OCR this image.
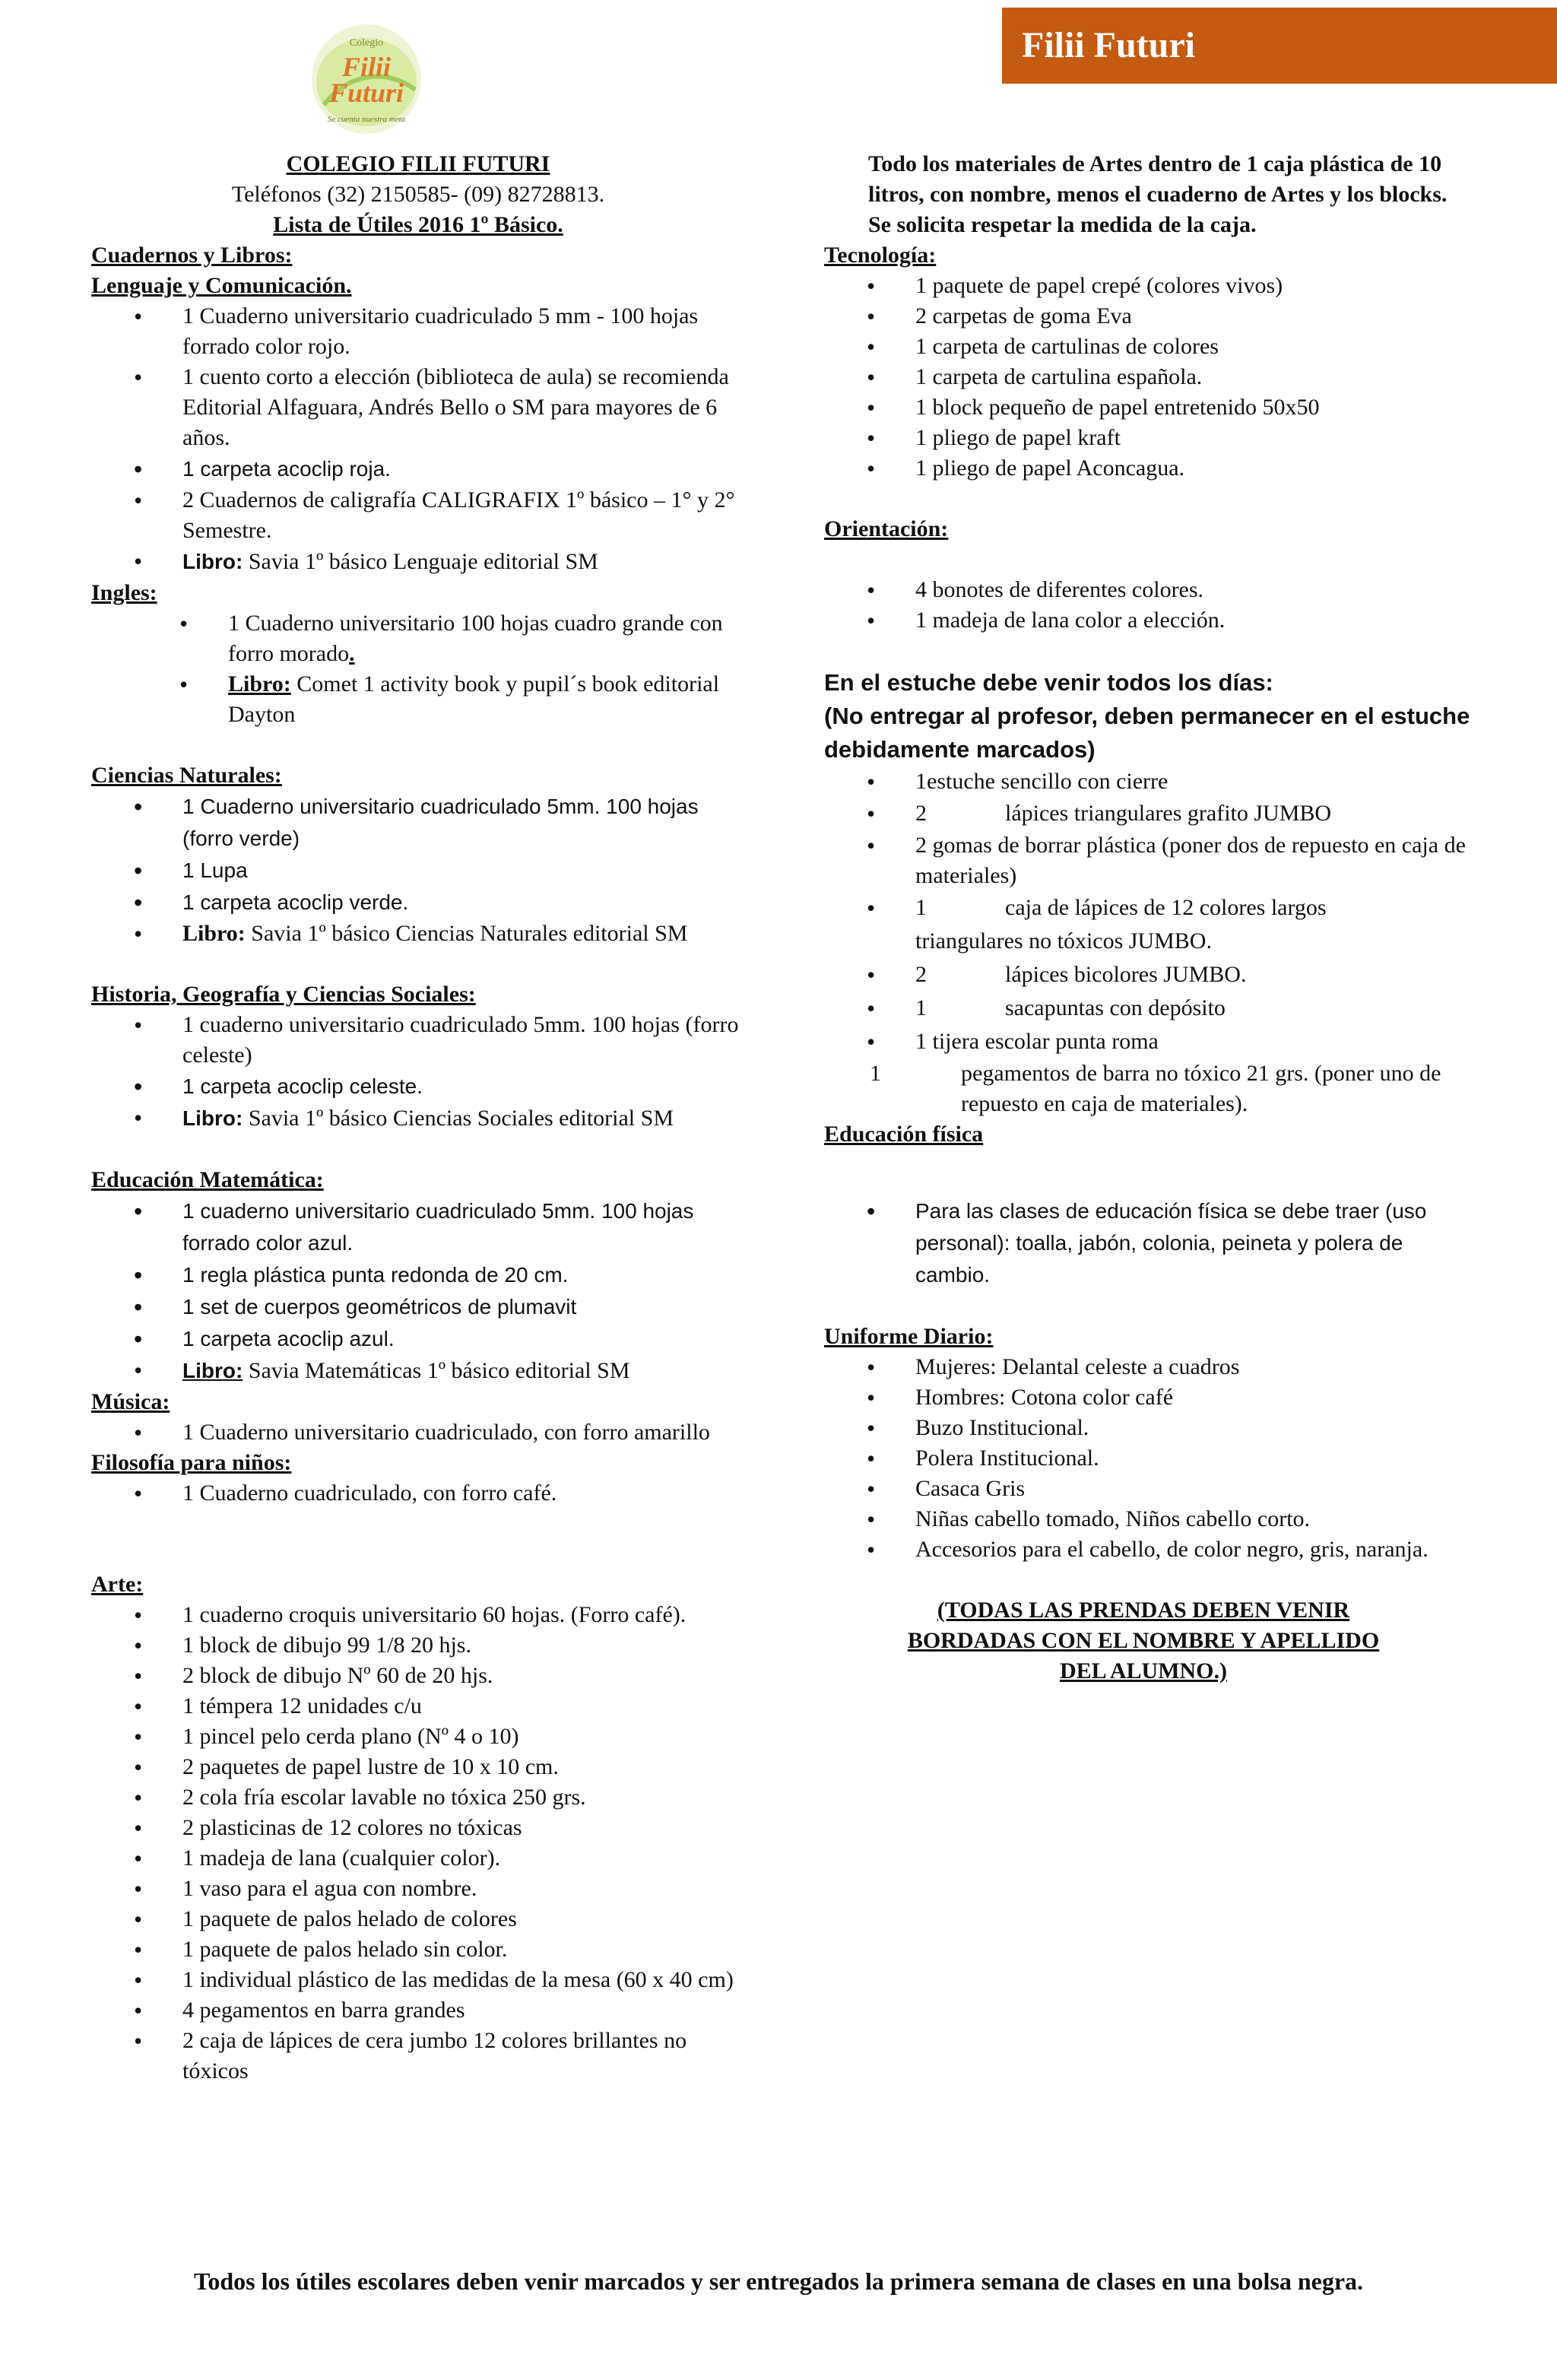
Colegio
Filii
Futuri
Se cuenta nuestra meta
Filii Futuri
COLEGIO FILII FUTURI
Teléfonos (32) 2150585- (09) 82728813.
Lista de Útiles 2016 1º Básico.
Cuadernos y Libros:
Lenguaje y Comunicación.
• 1 Cuaderno universitario cuadriculado 5 mm - 100 hojas forrado color rojo.
• 1 cuento corto a elección (biblioteca de aula) se recomienda Editorial Alfaguara, Andrés Bello o SM para mayores de 6 años.
• 1 carpeta acoclip roja.
• 2 Cuadernos de caligrafía CALIGRAFIX 1º básico – 1° y 2° Semestre.
• Libro: Savia 1º básico Lenguaje editorial SM
Ingles:
• 1 Cuaderno universitario 100 hojas cuadro grande con forro morado.
• Libro: Comet 1 activity book y pupil´s book editorial Dayton
Ciencias Naturales:
• 1 Cuaderno universitario cuadriculado 5mm. 100 hojas (forro verde)
• 1 Lupa
• 1 carpeta acoclip verde.
• Libro: Savia 1º básico Ciencias Naturales editorial SM
Historia, Geografía y Ciencias Sociales:
• 1 cuaderno universitario cuadriculado 5mm. 100 hojas (forro celeste)
• 1 carpeta acoclip celeste.
• Libro: Savia 1º básico Ciencias Sociales editorial SM
Educación Matemática:
• 1 cuaderno universitario cuadriculado 5mm. 100 hojas forrado color azul.
• 1 regla plástica punta redonda de 20 cm.
• 1 set de cuerpos geométricos de plumavit
• 1 carpeta acoclip azul.
• Libro: Savia Matemáticas 1º básico editorial SM
Música:
• 1 Cuaderno universitario cuadriculado, con forro amarillo
Filosofía para niños:
• 1 Cuaderno cuadriculado, con forro café.
Arte:
• 1 cuaderno croquis universitario 60 hojas. (Forro café).
• 1 block de dibujo 99 1/8 20 hjs.
• 2 block de dibujo Nº 60 de 20 hjs.
• 1 témpera 12 unidades c/u
• 1 pincel pelo cerda plano (Nº 4 o 10)
• 2 paquetes de papel lustre de 10 x 10 cm.
• 2 cola fría escolar lavable no tóxica 250 grs.
• 2 plasticinas de 12 colores no tóxicas
• 1 madeja de lana (cualquier color).
• 1 vaso para el agua con nombre.
• 1 paquete de palos helado de colores
• 1 paquete de palos helado sin color.
• 1 individual plástico de las medidas de la mesa (60 x 40 cm)
• 4 pegamentos en barra grandes
• 2 caja de lápices de cera jumbo 12 colores brillantes no tóxicos
Todo los materiales de Artes dentro de 1 caja plástica de 10 litros, con nombre, menos el cuaderno de Artes y los blocks.
Se solicita respetar la medida de la caja.
Tecnología:
• 1 paquete de papel crepé (colores vivos)
• 2 carpetas de goma Eva
• 1 carpeta de cartulinas de colores
• 1 carpeta de cartulina española.
• 1 block pequeño de papel entretenido 50x50
• 1 pliego de papel kraft
• 1 pliego de papel Aconcagua.
Orientación:
• 4 bonotes de diferentes colores.
• 1 madeja de lana color a elección.
En el estuche debe venir todos los días:
(No entregar al profesor, deben permanecer en el estuche debidamente marcados)
• 1estuche sencillo con cierre
• 2	lápices triangulares grafito JUMBO
• 2 gomas de borrar plástica (poner dos de repuesto en caja de materiales)
• 1	caja de lápices de 12 colores largos
triangulares no tóxicos JUMBO.
• 2	lápices bicolores JUMBO.
• 1	sacapuntas con depósito
• 1 tijera escolar punta roma
1	pegamentos de barra no tóxico 21 grs. (poner uno de repuesto en caja de materiales).
Educación física
• Para las clases de educación física se debe traer (uso personal): toalla, jabón, colonia, peineta y polera de cambio.
Uniforme Diario:
• Mujeres: Delantal celeste a cuadros
• Hombres: Cotona color café
• Buzo Institucional.
• Polera Institucional.
• Casaca Gris
• Niñas cabello tomado, Niños cabello corto.
• Accesorios para el cabello, de color negro, gris, naranja.
(TODAS LAS PRENDAS DEBEN VENIR BORDADAS CON EL NOMBRE Y APELLIDO DEL ALUMNO.)
Todos los útiles escolares deben venir marcados y ser entregados la primera semana de clases en una bolsa negra.
